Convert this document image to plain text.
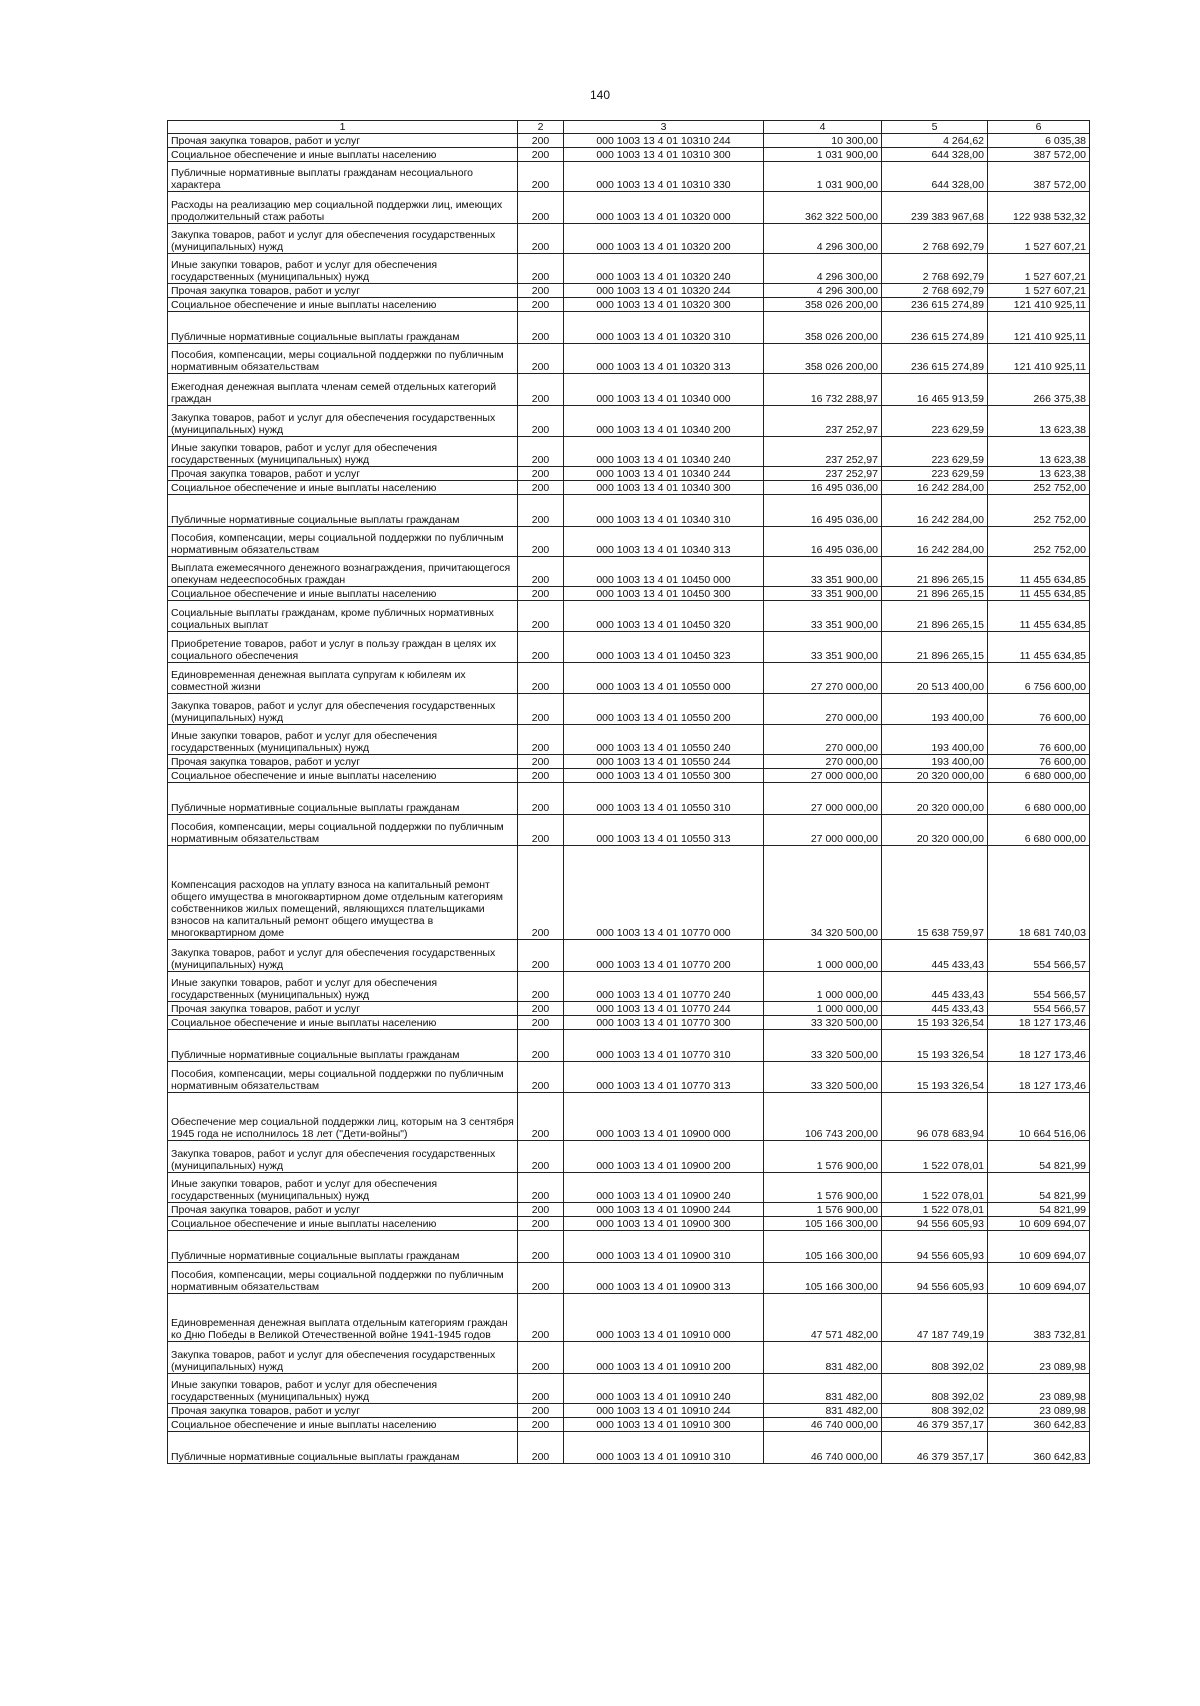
140
1	2	3	4	5	6
Прочая закупка товаров, работ и услуг	200	000 1003 13 4 01 10310 244	10 300,00	4 264,62	6 035,38
Социальное обеспечение и иные выплаты населению	200	000 1003 13 4 01 10310 300	1 031 900,00	644 328,00	387 572,00
Публичные нормативные выплаты гражданам несоциального характера	200	000 1003 13 4 01 10310 330	1 031 900,00	644 328,00	387 572,00
Расходы на реализацию мер социальной поддержки лиц, имеющих продолжительный стаж работы	200	000 1003 13 4 01 10320 000	362 322 500,00	239 383 967,68	122 938 532,32
Закупка товаров, работ и услуг для обеспечения государственных (муниципальных) нужд	200	000 1003 13 4 01 10320 200	4 296 300,00	2 768 692,79	1 527 607,21
Иные закупки товаров, работ и услуг для обеспечения государственных (муниципальных) нужд	200	000 1003 13 4 01 10320 240	4 296 300,00	2 768 692,79	1 527 607,21
Прочая закупка товаров, работ и услуг	200	000 1003 13 4 01 10320 244	4 296 300,00	2 768 692,79	1 527 607,21
Социальное обеспечение и иные выплаты населению	200	000 1003 13 4 01 10320 300	358 026 200,00	236 615 274,89	121 410 925,11
Публичные нормативные социальные выплаты гражданам	200	000 1003 13 4 01 10320 310	358 026 200,00	236 615 274,89	121 410 925,11
Пособия, компенсации, меры социальной поддержки по публичным нормативным обязательствам	200	000 1003 13 4 01 10320 313	358 026 200,00	236 615 274,89	121 410 925,11
Ежегодная денежная выплата членам семей отдельных категорий граждан	200	000 1003 13 4 01 10340 000	16 732 288,97	16 465 913,59	266 375,38
Закупка товаров, работ и услуг для обеспечения государственных (муниципальных) нужд	200	000 1003 13 4 01 10340 200	237 252,97	223 629,59	13 623,38
Иные закупки товаров, работ и услуг для обеспечения государственных (муниципальных) нужд	200	000 1003 13 4 01 10340 240	237 252,97	223 629,59	13 623,38
Прочая закупка товаров, работ и услуг	200	000 1003 13 4 01 10340 244	237 252,97	223 629,59	13 623,38
Социальное обеспечение и иные выплаты населению	200	000 1003 13 4 01 10340 300	16 495 036,00	16 242 284,00	252 752,00
Публичные нормативные социальные выплаты гражданам	200	000 1003 13 4 01 10340 310	16 495 036,00	16 242 284,00	252 752,00
Пособия, компенсации, меры социальной поддержки по публичным нормативным обязательствам	200	000 1003 13 4 01 10340 313	16 495 036,00	16 242 284,00	252 752,00
Выплата ежемесячного денежного вознаграждения, причитающегося опекунам недееспособных граждан	200	000 1003 13 4 01 10450 000	33 351 900,00	21 896 265,15	11 455 634,85
Социальное обеспечение и иные выплаты населению	200	000 1003 13 4 01 10450 300	33 351 900,00	21 896 265,15	11 455 634,85
Социальные выплаты гражданам, кроме публичных нормативных социальных выплат	200	000 1003 13 4 01 10450 320	33 351 900,00	21 896 265,15	11 455 634,85
Приобретение товаров, работ и услуг в пользу граждан в целях их социального обеспечения	200	000 1003 13 4 01 10450 323	33 351 900,00	21 896 265,15	11 455 634,85
Единовременная денежная выплата супругам к юбилеям их совместной жизни	200	000 1003 13 4 01 10550 000	27 270 000,00	20 513 400,00	6 756 600,00
Закупка товаров, работ и услуг для обеспечения государственных (муниципальных) нужд	200	000 1003 13 4 01 10550 200	270 000,00	193 400,00	76 600,00
Иные закупки товаров, работ и услуг для обеспечения государственных (муниципальных) нужд	200	000 1003 13 4 01 10550 240	270 000,00	193 400,00	76 600,00
Прочая закупка товаров, работ и услуг	200	000 1003 13 4 01 10550 244	270 000,00	193 400,00	76 600,00
Социальное обеспечение и иные выплаты населению	200	000 1003 13 4 01 10550 300	27 000 000,00	20 320 000,00	6 680 000,00
Публичные нормативные социальные выплаты гражданам	200	000 1003 13 4 01 10550 310	27 000 000,00	20 320 000,00	6 680 000,00
Пособия, компенсации, меры социальной поддержки по публичным нормативным обязательствам	200	000 1003 13 4 01 10550 313	27 000 000,00	20 320 000,00	6 680 000,00
Компенсация расходов на уплату взноса на капитальный ремонт общего имущества в многоквартирном доме отдельным категориям собственников жилых помещений, являющихся плательщиками взносов на капитальный ремонт общего имущества в многоквартирном доме	200	000 1003 13 4 01 10770 000	34 320 500,00	15 638 759,97	18 681 740,03
Закупка товаров, работ и услуг для обеспечения государственных (муниципальных) нужд	200	000 1003 13 4 01 10770 200	1 000 000,00	445 433,43	554 566,57
Иные закупки товаров, работ и услуг для обеспечения государственных (муниципальных) нужд	200	000 1003 13 4 01 10770 240	1 000 000,00	445 433,43	554 566,57
Прочая закупка товаров, работ и услуг	200	000 1003 13 4 01 10770 244	1 000 000,00	445 433,43	554 566,57
Социальное обеспечение и иные выплаты населению	200	000 1003 13 4 01 10770 300	33 320 500,00	15 193 326,54	18 127 173,46
Публичные нормативные социальные выплаты гражданам	200	000 1003 13 4 01 10770 310	33 320 500,00	15 193 326,54	18 127 173,46
Пособия, компенсации, меры социальной поддержки по публичным нормативным обязательствам	200	000 1003 13 4 01 10770 313	33 320 500,00	15 193 326,54	18 127 173,46
Обеспечение мер социальной поддержки лиц, которым на 3 сентября 1945 года не исполнилось 18 лет ("Дети-войны")	200	000 1003 13 4 01 10900 000	106 743 200,00	96 078 683,94	10 664 516,06
Закупка товаров, работ и услуг для обеспечения государственных (муниципальных) нужд	200	000 1003 13 4 01 10900 200	1 576 900,00	1 522 078,01	54 821,99
Иные закупки товаров, работ и услуг для обеспечения государственных (муниципальных) нужд	200	000 1003 13 4 01 10900 240	1 576 900,00	1 522 078,01	54 821,99
Прочая закупка товаров, работ и услуг	200	000 1003 13 4 01 10900 244	1 576 900,00	1 522 078,01	54 821,99
Социальное обеспечение и иные выплаты населению	200	000 1003 13 4 01 10900 300	105 166 300,00	94 556 605,93	10 609 694,07
Публичные нормативные социальные выплаты гражданам	200	000 1003 13 4 01 10900 310	105 166 300,00	94 556 605,93	10 609 694,07
Пособия, компенсации, меры социальной поддержки по публичным нормативным обязательствам	200	000 1003 13 4 01 10900 313	105 166 300,00	94 556 605,93	10 609 694,07
Единовременная денежная выплата отдельным категориям граждан ко Дню Победы в Великой Отечественной войне 1941-1945 годов	200	000 1003 13 4 01 10910 000	47 571 482,00	47 187 749,19	383 732,81
Закупка товаров, работ и услуг для обеспечения государственных (муниципальных) нужд	200	000 1003 13 4 01 10910 200	831 482,00	808 392,02	23 089,98
Иные закупки товаров, работ и услуг для обеспечения государственных (муниципальных) нужд	200	000 1003 13 4 01 10910 240	831 482,00	808 392,02	23 089,98
Прочая закупка товаров, работ и услуг	200	000 1003 13 4 01 10910 244	831 482,00	808 392,02	23 089,98
Социальное обеспечение и иные выплаты населению	200	000 1003 13 4 01 10910 300	46 740 000,00	46 379 357,17	360 642,83
Публичные нормативные социальные выплаты гражданам	200	000 1003 13 4 01 10910 310	46 740 000,00	46 379 357,17	360 642,83
